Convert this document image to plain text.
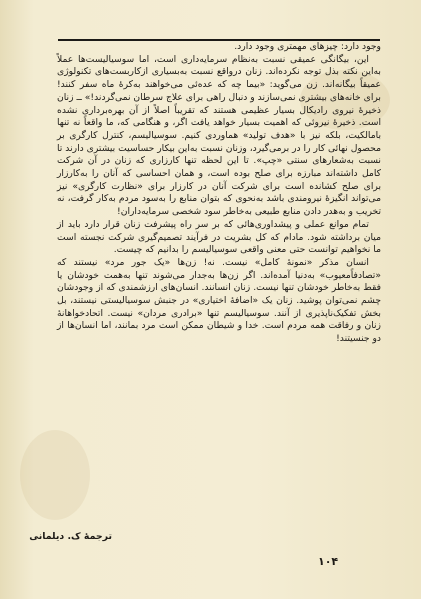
وجود دارد: چیزهای مهمتری وجود دارد.

این، بیگانگی عمیقی نسبت به‌نظام سرمایه‌داری است، اما سوسیالیست‌ها عملاً به‌این نکته بذل توجه نکرده‌اند. زنان درواقع نسبت به‌بسیاری ازکاربست‌های تکنولوژی عمیقاً بیگانه‌اند. زن می‌گوید: «بیما چه که عده‌ئی می‌خواهند به‌کرهٔ ماه سفر کنند! برای خانه‌های بیشتری نمی‌سازند و دنبال راهی برای علاج سرطان نمی‌گردند!» ــ زنان ذخیرهٔ نیروی رادیکال بسیار عظیمی هستند که تقریباً اصلاً از آن بهره‌برداری نشده است. ذخیرهٔ نیروئی که اهمیت بسیار خواهد یافت اگر، و هنگامی که، ما واقعاً نه تنها بامالکیت، بلکه نیز با «هدف تولید» هماوردی کنیم. سوسیالیسم، کنترل کارگری بر محصول نهائی کار را در برمی‌گیرد، وزنان نسبت به‌این بیکار حساسیت بیشتری دارند تا نسبت به‌شعارهای سنتی «چپ». تا این لحظه تنها کارزاری که زنان در آن شرکت کامل داشته‌اند مبارزه برای صلح بوده است، و همان احساسی که آنان را به‌کارزار برای صلح کشانده است برای شرکت آنان در کارزار برای «نظارت کارگری» نیز می‌تواند انگیزهٔ نیرومندی باشد به‌نحوی که بتوان منابع را به‌سود مردم به‌کار گرفت، نه تخریب و به‌هدر دادن منابع طبیعی به‌خاطر سود شخصی سرمایه‌داران!

تمام موانع عملی و پیشداوری‌هائی که بر سر راه پیشرفت زنان قرار دارد باید از میان برداشته شود. مادام که کل بشریت در فرآیند تصمیم‌گیری شرکت نجسته است ما نخواهیم توانست حتی معنی واقعی سوسیالیسم را بدانیم که چیست.

انسان مذکر «نمونهٔ کامل» نیست. نه! زن‌ها «یک جور مرد» نیستند که «تصادفاًمعیوب» به‌دنیا آمده‌اند. اگر زن‌ها به‌جدار می‌شوند تنها به‌همت خودشان یا فقط به‌خاطر خودشان تنها نیست. زنان انسانند. انسان‌های ارزشمندی که از وجودشان چشم نمی‌توان پوشید. زنان یک «اضافهٔ اختیاری» در جنبش سوسیالیستی نیستند، بل بخش تفکیک‌ناپذیری از آنند. سوسیالیسم تنها «برادری مردان» نیست. اتحادخواهانهٔ زنان و رفاقت همه مردم است. خدا و شیطان ممکن است مرد بمانند، اما انسان‌ها از دو جنسیتند!

ترجمهٔ ک. دیلمانی
۱۰۴
